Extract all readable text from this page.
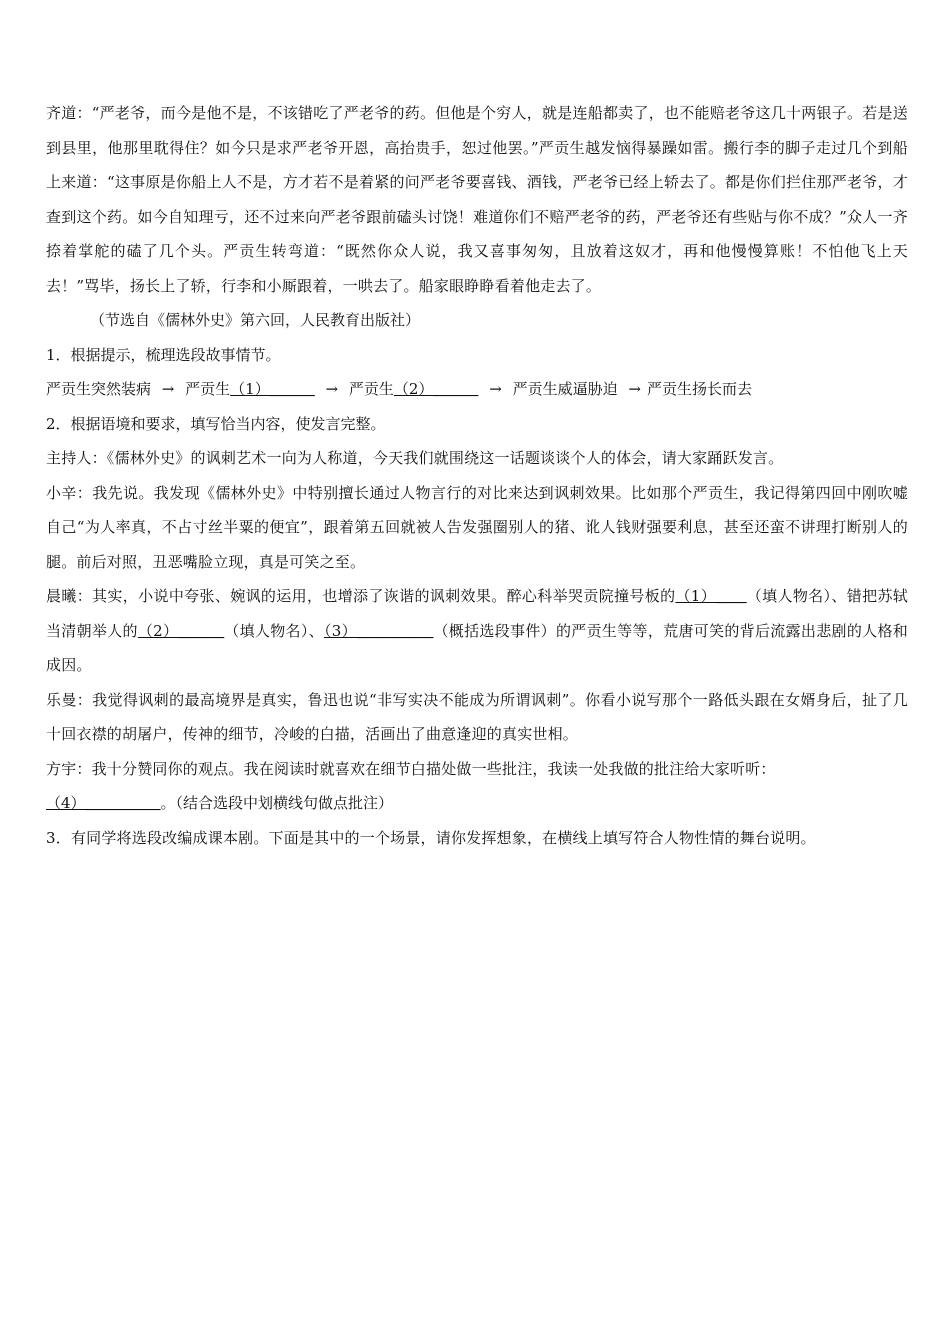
齐道：“严老爷，而今是他不是，不该错吃了严老爷的药。但他是个穷人，就是连船都卖了，也不能赔老爷这几十两银子。若是送到县里，他那里耽得住？如今只是求严老爷开恩，高抬贵手，恕过他罢。”严贡生越发恼得暴躁如雷。搬行李的脚子走过几个到船上来道：“这事原是你船上人不是，方才若不是着紧的问严老爷要喜钱、酒钱，严老爷已经上轿去了。都是你们拦住那严老爷，才查到这个药。如今自知理亏，还不过来向严老爷跟前磕头讨饶！难道你们不赔严老爷的药，严老爷还有些贴与你不成？”众人一齐捺着掌舵的磕了几个头。严贡生转弯道：“既然你众人说，我又喜事匆匆，且放着这奴才，再和他慢慢算账！不怕他飞上天去！”骂毕，扬长上了轿，行李和小厮跟着，一哄去了。船家眼睁睁看着他走去了。

（节选自《儒林外史》第六回，人民教育出版社）

1．根据提示，梳理选段故事情节。

严贡生突然装病 → 严贡生（1）＿＿＿ → 严贡生（2）＿＿＿ → 严贡生威逼胁迫 → 严贡生扬长而去

2．根据语境和要求，填写恰当内容，使发言完整。

主持人：《儒林外史》的讽刺艺术一向为人称道，今天我们就围绕这一话题谈谈个人的体会，请大家踊跃发言。

小辛：我先说。我发现《儒林外史》中特别擅长通过人物言行的对比来达到讽刺效果。比如那个严贡生，我记得第四回中刚吹嘘自己“为人率真，不占寸丝半粟的便宜”，跟着第五回就被人告发强圈别人的猪、讹人钱财强要利息，甚至还蛮不讲理打断别人的腿。前后对照，丑恶嘴脸立现，真是可笑之至。

晨曦：其实，小说中夸张、婉讽的运用，也增添了诙谐的讽刺效果。醉心科举哭贡院撞号板的（1）＿＿（填人物名）、错把苏轼当清朝举人的（2）＿＿＿（填人物名）、（3）＿＿＿＿＿（概括选段事件）的严贡生等等，荒唐可笑的背后流露出悲剧的人格和成因。

乐曼：我觉得讽刺的最高境界是真实，鲁迅也说“非写实决不能成为所谓讽刺”。你看小说写那个一路低头跟在女婿身后，扯了几十回衣襟的胡屠户，传神的细节，冷峻的白描，活画出了曲意逢迎的真实世相。

方宇：我十分赞同你的观点。我在阅读时就喜欢在细节白描处做一些批注，我读一处我做的批注给大家听听：

（4）＿＿＿＿＿。（结合选段中划横线句做点批注）

3．有同学将选段改编成课本剧。下面是其中的一个场景，请你发挥想象，在横线上填写符合人物性情的舞台说明。
